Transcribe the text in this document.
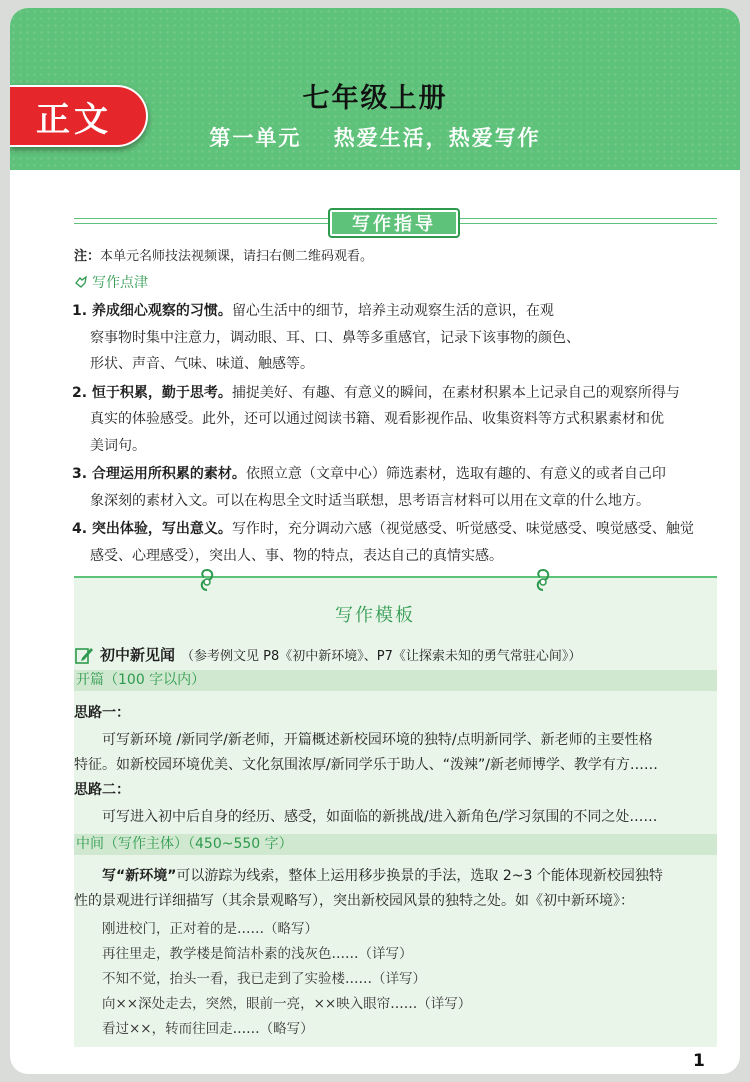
七年级上册
第一单元　 热爱生活，热爱写作
正文
写作指导
注：本单元名师技法视频课，请扫右侧二维码观看。
写作点津
1. 养成细心观察的习惯。留心生活中的细节，培养主动观察生活的意识，在观
察事物时集中注意力，调动眼、耳、口、鼻等多重感官，记录下该事物的颜色、
形状、声音、气味、味道、触感等。
2. 恒于积累，勤于思考。捕捉美好、有趣、有意义的瞬间，在素材积累本上记录自己的观察所得与
真实的体验感受。此外，还可以通过阅读书籍、观看影视作品、收集资料等方式积累素材和优
美词句。
3. 合理运用所积累的素材。依照立意（文章中心）筛选素材，选取有趣的、有意义的或者自己印
象深刻的素材入文。可以在构思全文时适当联想，思考语言材料可以用在文章的什么地方。
4. 突出体验，写出意义。写作时，充分调动六感（视觉感受、听觉感受、味觉感受、嗅觉感受、触觉
感受、心理感受），突出人、事、物的特点，表达自己的真情实感。
写作模板
初中新见闻 （参考例文见 P8《初中新环境》、P7《让探索未知的勇气常驻心间》）
开篇（100 字以内）
思路一：
可写新环境 /新同学/新老师，开篇概述新校园环境的独特/点明新同学、新老师的主要性格
特征。如新校园环境优美、文化氛围浓厚/新同学乐于助人、“泼辣”/新老师博学、教学有方……
思路二：
可写进入初中后自身的经历、感受，如面临的新挑战/进入新角色/学习氛围的不同之处……
中间（写作主体）（450~550 字）
写“新环境”可以游踪为线索，整体上运用移步换景的手法，选取 2~3 个能体现新校园独特
性的景观进行详细描写（其余景观略写），突出新校园风景的独特之处。如《初中新环境》：
刚进校门，正对着的是……（略写）
再往里走，教学楼是简洁朴素的浅灰色……（详写）
不知不觉，抬头一看，我已走到了实验楼……（详写）
向××深处走去，突然，眼前一亮，××映入眼帘……（详写）
看过××，转而往回走……（略写）
1
